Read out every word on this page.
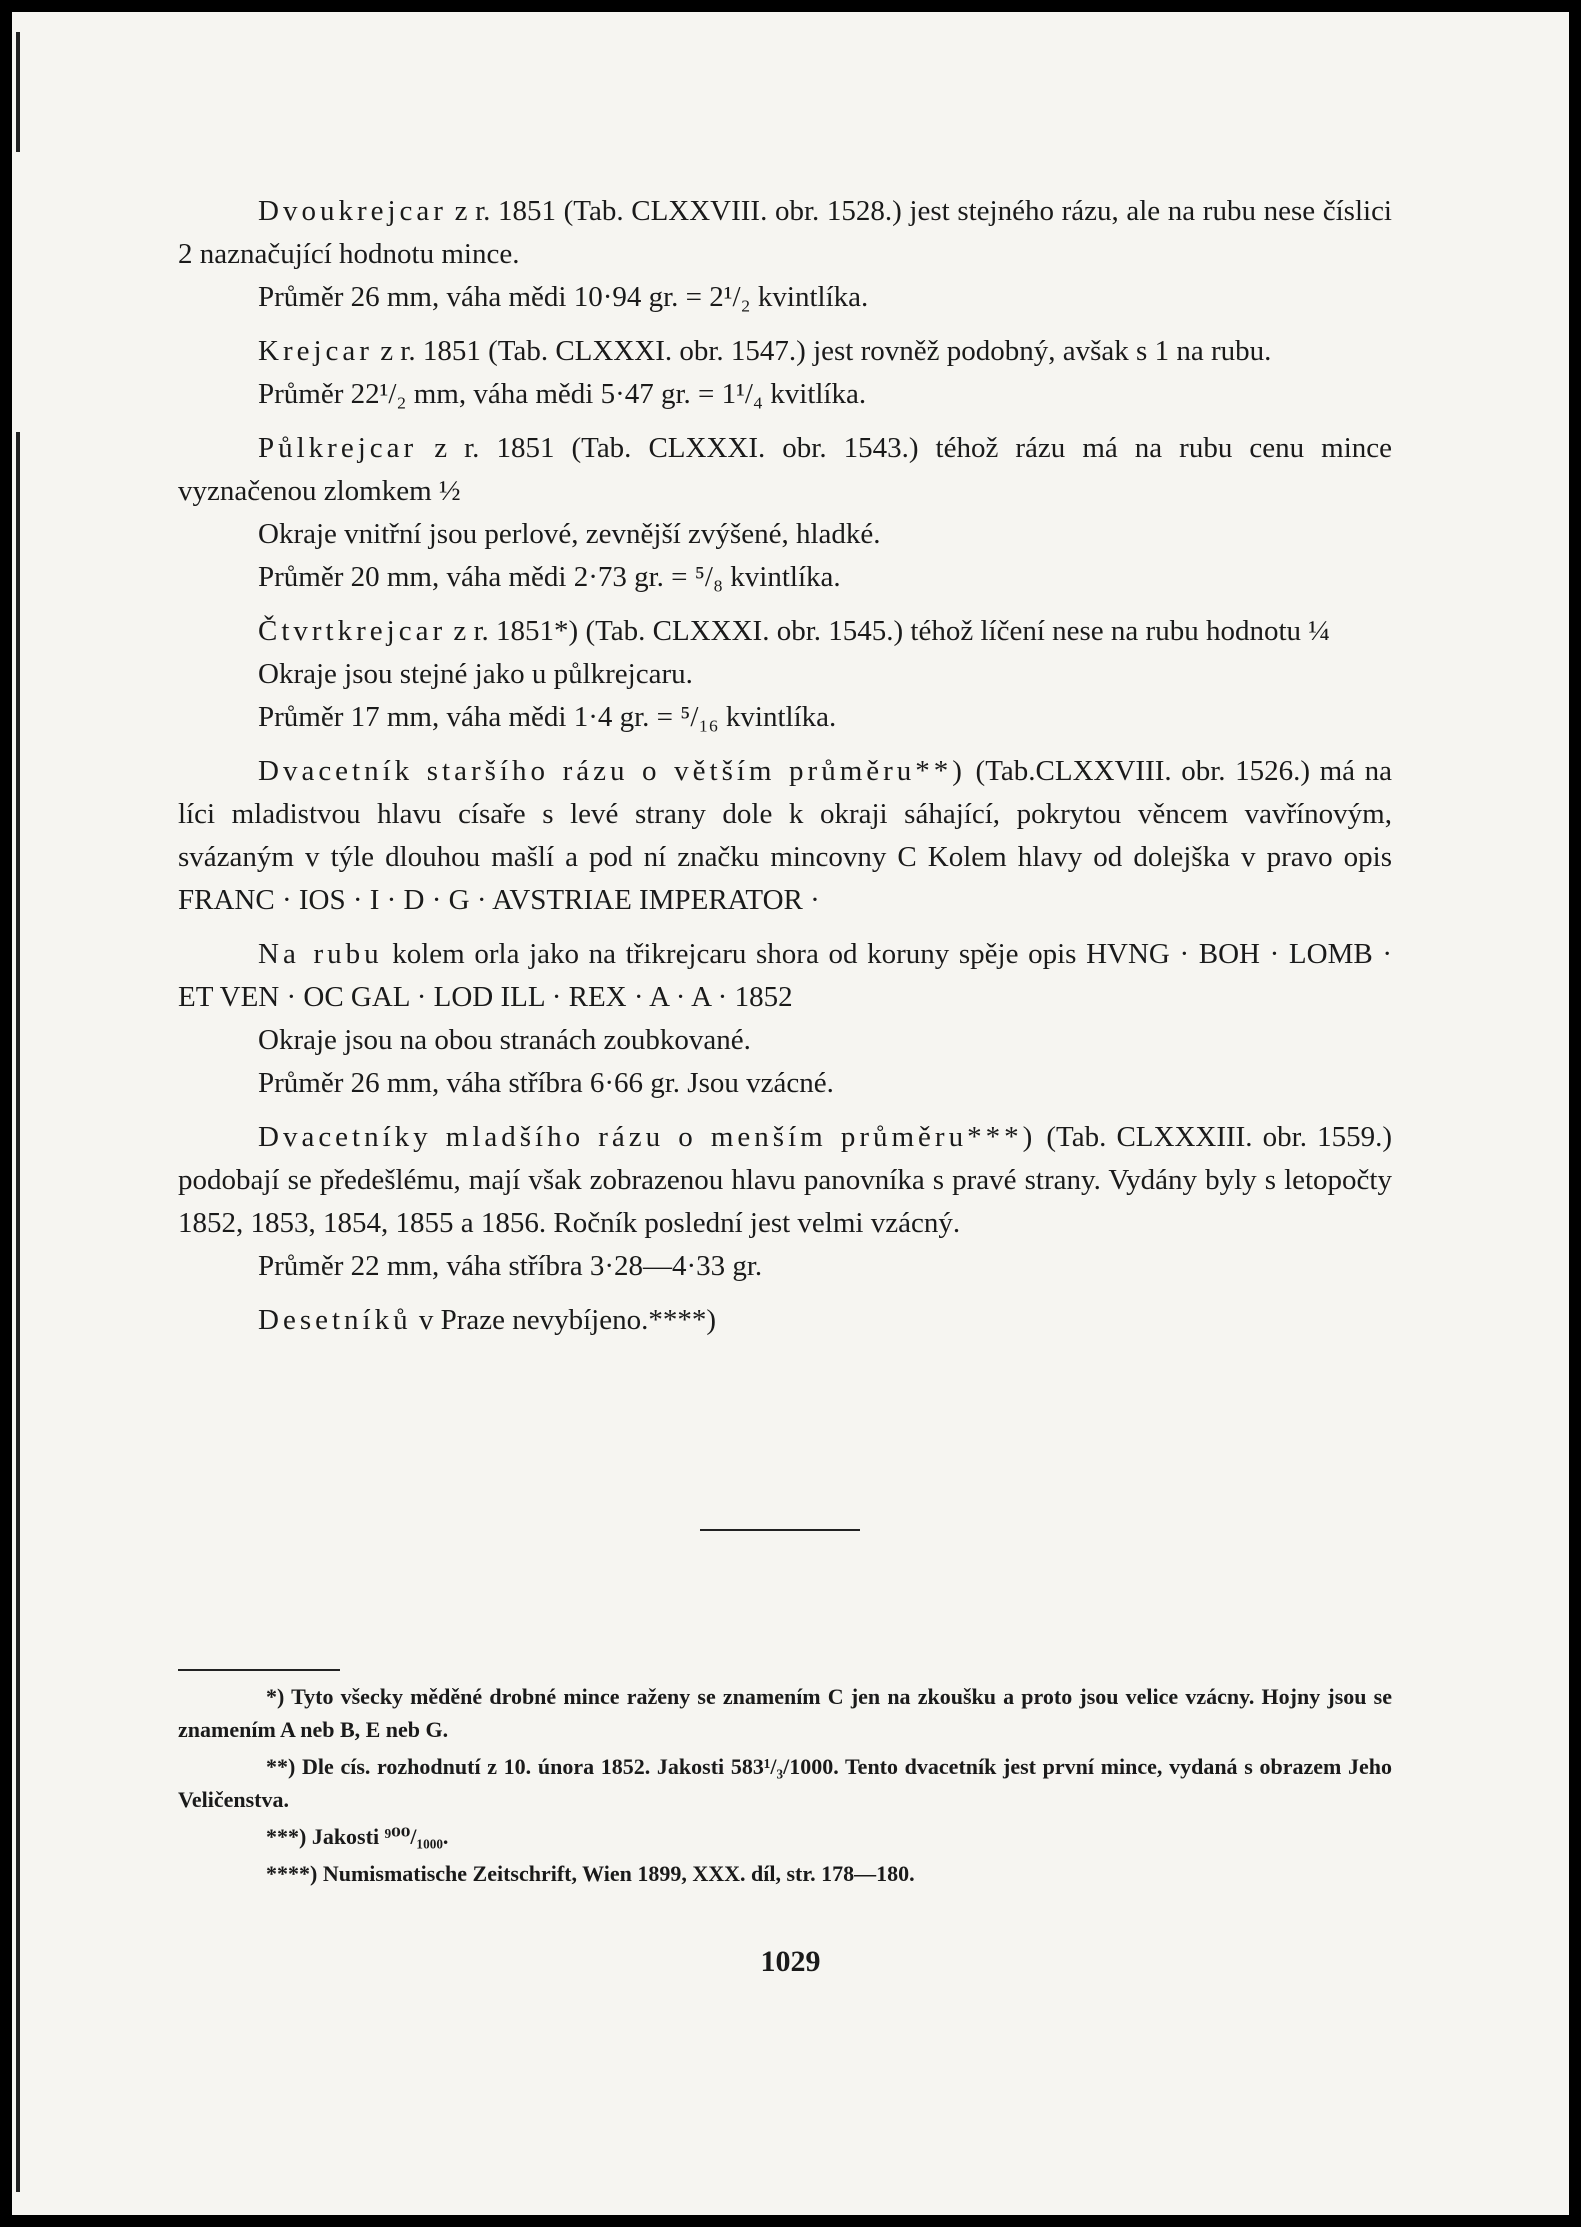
Dvoukrejcar z r. 1851 (Tab. CLXXVIII. obr. 1528.) jest stejného rázu, ale na rubu nese číslici 2 naznačující hodnotu mince.
Průměr 26 mm, váha mědi 10·94 gr. = 2¹/₂ kvintlíka.
Krejcar z r. 1851 (Tab. CLXXXI. obr. 1547.) jest rovněž podobný, avšak s 1 na rubu.
Průměr 22¹/₂ mm, váha mědi 5·47 gr. = 1¹/₄ kvitlíka.
Půlkrejcar z r. 1851 (Tab. CLXXXI. obr. 1543.) téhož rázu má na rubu cenu mince vyznačenou zlomkem ½
Okraje vnitřní jsou perlové, zevnější zvýšené, hladké.
Průměr 20 mm, váha mědi 2·73 gr. = ⁵/₈ kvintlíka.
Čtvrtkrejcar z r. 1851*) (Tab. CLXXXI. obr. 1545.) téhož líčení nese na rubu hodnotu ¼
Okraje jsou stejné jako u půlkrejcaru.
Průměr 17 mm, váha mědi 1·4 gr. = ⁵/₁₆ kvintlíka.
Dvacetník staršího rázu o větším průměru**) (Tab.CLXXVIII. obr. 1526.) má na líci mladistvou hlavu císaře s levé strany dole k okraji sáhající, pokrytou věncem vavřínovým, svázaným v týle dlouhou mašlí a pod ní značku mincovny C Kolem hlavy od dolejška v pravo opis FRANC · IOS · I · D · G · AVSTRIAE IMPERATOR ·
Na rubu kolem orla jako na třikrejcaru shora od koruny spěje opis HVNG · BOH · LOMB · ET VEN · OC GAL · LOD ILL · REX · A · A · 1852
Okraje jsou na obou stranách zoubkované.
Průměr 26 mm, váha stříbra 6·66 gr. Jsou vzácné.
Dvacetníky mladšího rázu o menším průměru***) (Tab. CLXXXIII. obr. 1559.) podobají se předešlému, mají však zobrazenou hlavu panovníka s pravé strany. Vydány byly s letopočty 1852, 1853, 1854, 1855 a 1856. Ročník poslední jest velmi vzácný.
Průměr 22 mm, váha stříbra 3·28—4·33 gr.
Desetníků v Praze nevybíjeno.****)
*) Tyto všecky měděné drobné mince raženy se znamením C jen na zkoušku a proto jsou velice vzácny. Hojny jsou se znamením A neb B, E neb G.
**) Dle cís. rozhodnutí z 10. února 1852. Jakosti 583¹/₃/1000. Tento dvacetník jest první mince, vydaná s obrazem Jeho Veličenstva.
***) Jakosti ⁹⁰⁰/₁₀₀₀.
****) Numismatische Zeitschrift, Wien 1899, XXX. díl, str. 178—180.
1029
